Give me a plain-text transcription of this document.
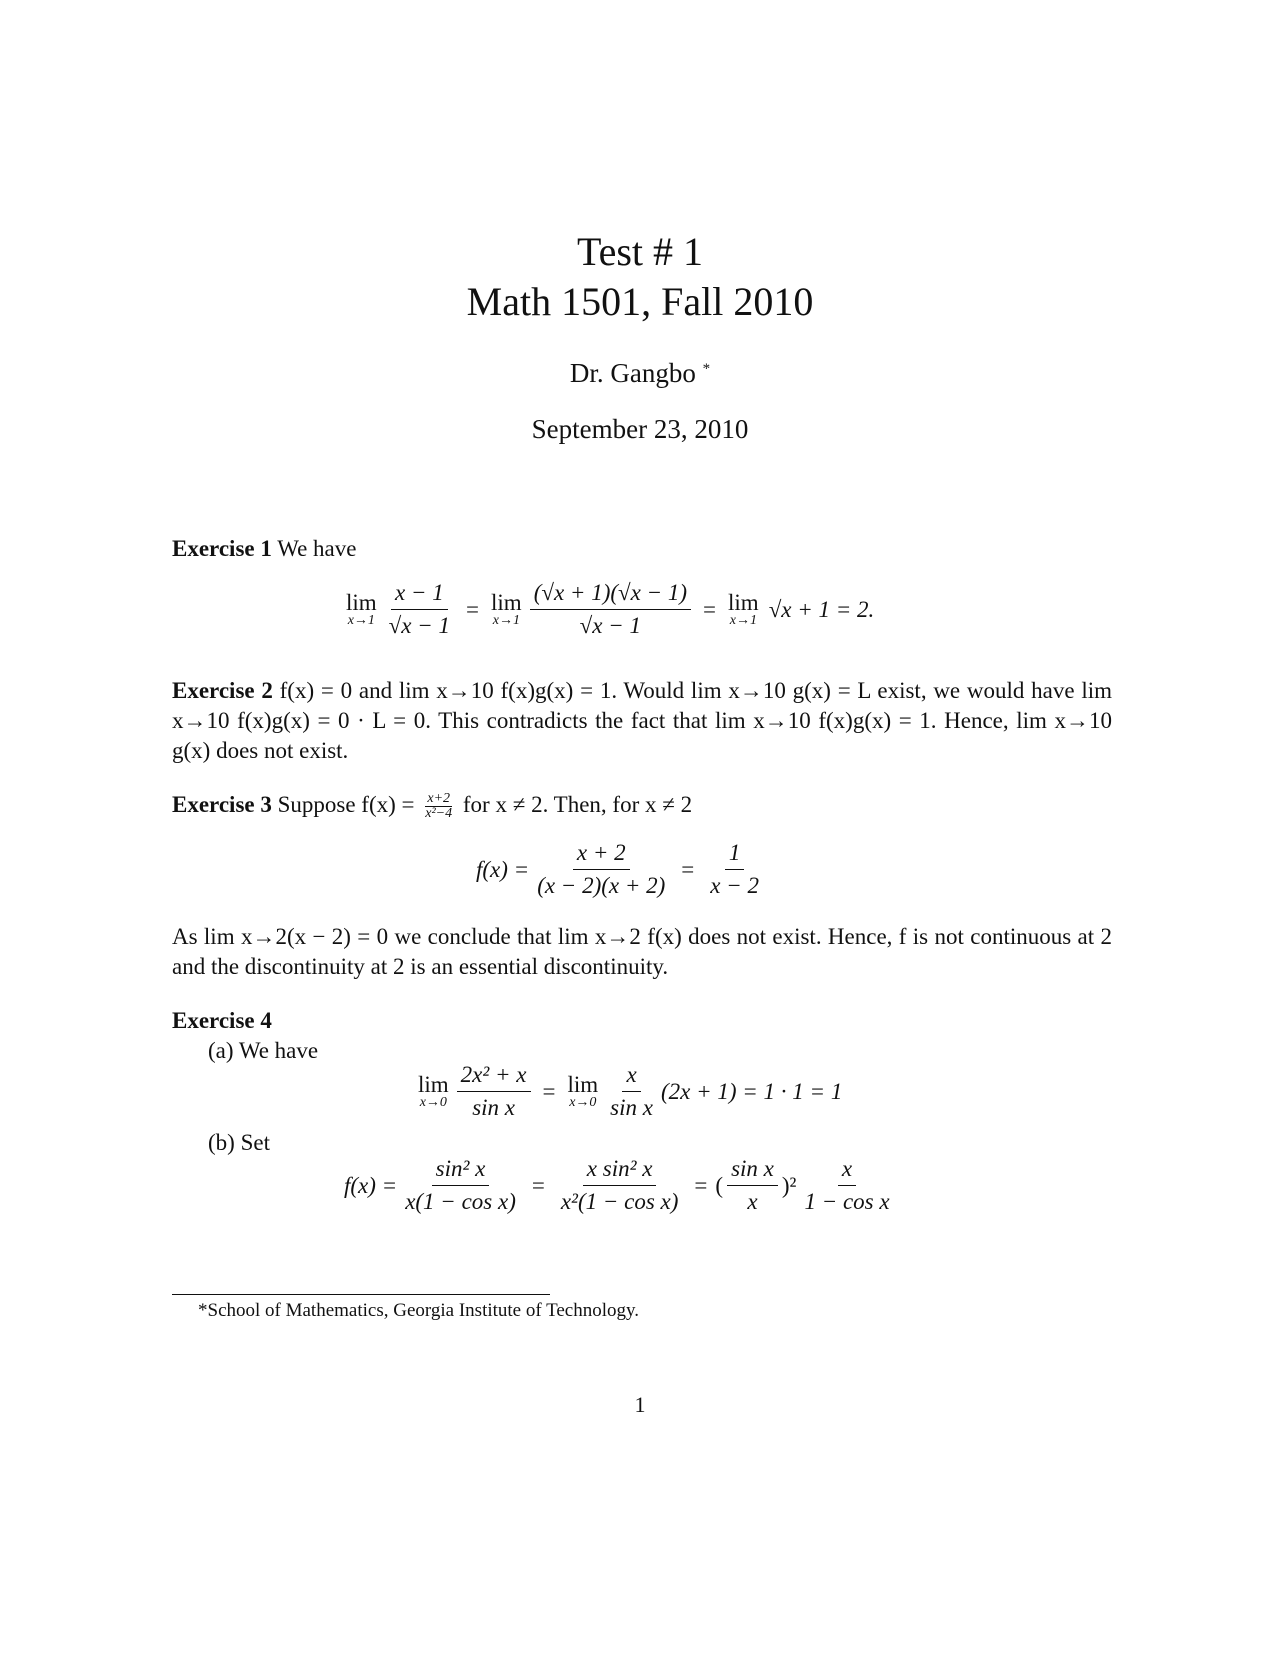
Test # 1
Math 1501, Fall 2010
Dr. Gangbo *
September 23, 2010
Exercise 1 We have
lim
$x\to 1 \frac{x - 1}{√x - 1} = \lim$
$x\to 1 \frac{(√x + 1)(√x - 1)}{√x - 1} = \lim$
x→1 √x + 1 = 2.
Exercise 2 f(x) = 0 and lim x→10 f(x)g(x) = 1. Would lim x→10 g(x) = L exist, we would have lim x→10 f(x)g(x) = 0 · L = 0. This contradicts the fact that lim x→10 f(x)g(x) = 1. Hence, lim x→10 g(x) does not exist.
Exercise 3 Suppose $f(x) = \frac{x+2}{\text{x²−4}}$ for x ≠ 2. Then, for x ≠ 2
$f(x) = \frac{x + 2}{(x - 2)(x + 2)} = \frac{1}{x - 2}$
As lim x→2(x − 2) = 0 we conclude that lim x→2 f(x) does not exist. Hence, f is not continuous at 2 and the discontinuity at 2 is an essential discontinuity.
Exercise 4
(a) We have
lim
$x\to 0 \frac{\text{2x² + x}}{\text{sin x}} = \lim$
$x\to 0 \frac{x}{\text{sin x}} (2x + 1) = 1 \cdot 1 = 1$
(b) Set
$f(x) = \frac{\text{sin² x}}{\text{x(1 − cos x)}} = \frac{\text{x sin² x}}{\text{x²(1 − cos x)}}$ = ( $\frac{\text{sin x}}{x} )^2 \frac{x}{\text{1 − cos x}}$
*School of Mathematics, Georgia Institute of Technology.
1
